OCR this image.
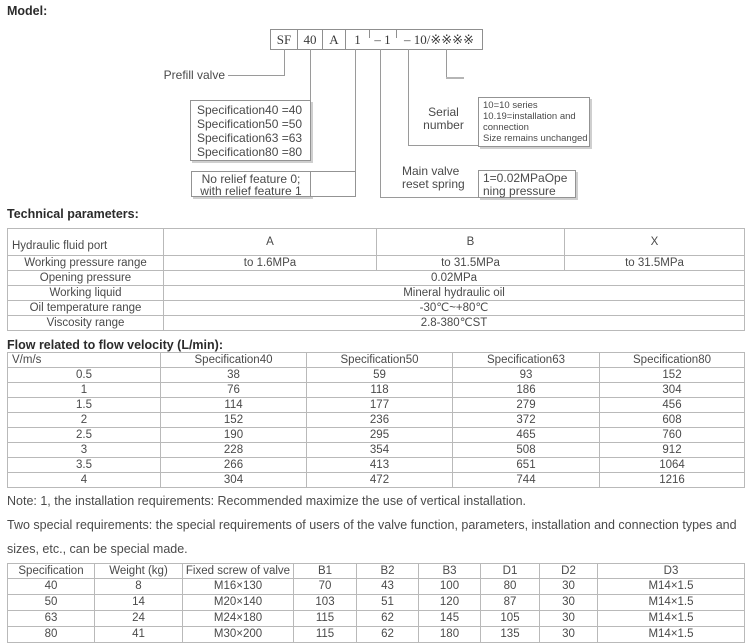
Model:
SF 40 A	1	– 1	– 10/※※※※
Prefill valve
Specification40 =40
Specification50 =50
Specification63 =63
Specification80 =80
No relief feature 0;
with relief feature 1
Serial
number
10=10 series
10.19=installation and
connection
Size remains unchanged
Main valve
reset spring 1=0.02MPaOpe
ning pressure
Technical parameters:
Hydraulic fluid port	A	B	X
Working pressure range	to 1.6MPa	to 31.5MPa	to 31.5MPa
Opening pressure	0.02MPa		
Working liquid	Mineral hydraulic oil		
Oil temperature range	-30℃~+80℃		
Viscosity range	2.8-380℃ST		
Flow related to flow velocity (L/min):
V/m/s	Specification40	Specification50	Specification63	Specification80
0.5	38	59	93	152
1	76	118	186	304
1.5	114	177	279	456
2	152	236	372	608
2.5	190	295	465	760
3	228	354	508	912
3.5	266	413	651	1064
4	304	472	744	1216
Note: 1, the installation requirements: Recommended maximize the use of vertical installation.
Two special requirements: the special requirements of users of the valve function, parameters, installation and connection types and
sizes, etc., can be special made.
Specification	Weight (kg)	Fixed screw of valve	B1	B2	B3	D1	D2	D3
40	8	M16×130	70	43	100	80	30	M14×1.5
50	14	M20×140	103	51	120	87	30	M14×1.5
63	24	M24×180	115	62	145	105	30	M14×1.5
80	41	M30×200	115	62	180	135	30	M14×1.5
